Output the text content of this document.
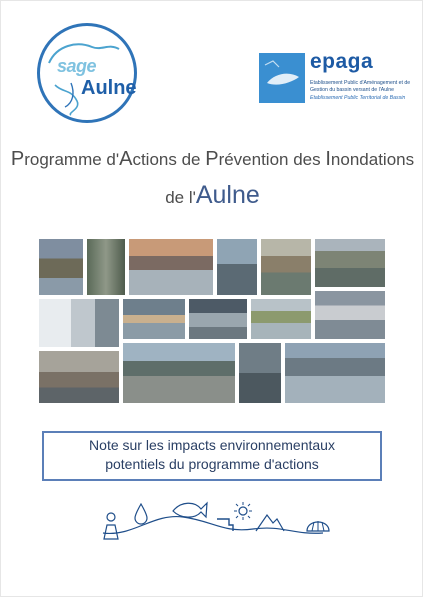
sage
Aulne
epaga
Etablissement Public d'Aménagement et de
Gestion du bassin versant de l'Aulne
Etablissement Public Territorial de Bassin
Programme d'Actions de Prévention des Inondations
de l'Aulne
Note sur les impacts environnementaux
potentiels du programme d'actions
